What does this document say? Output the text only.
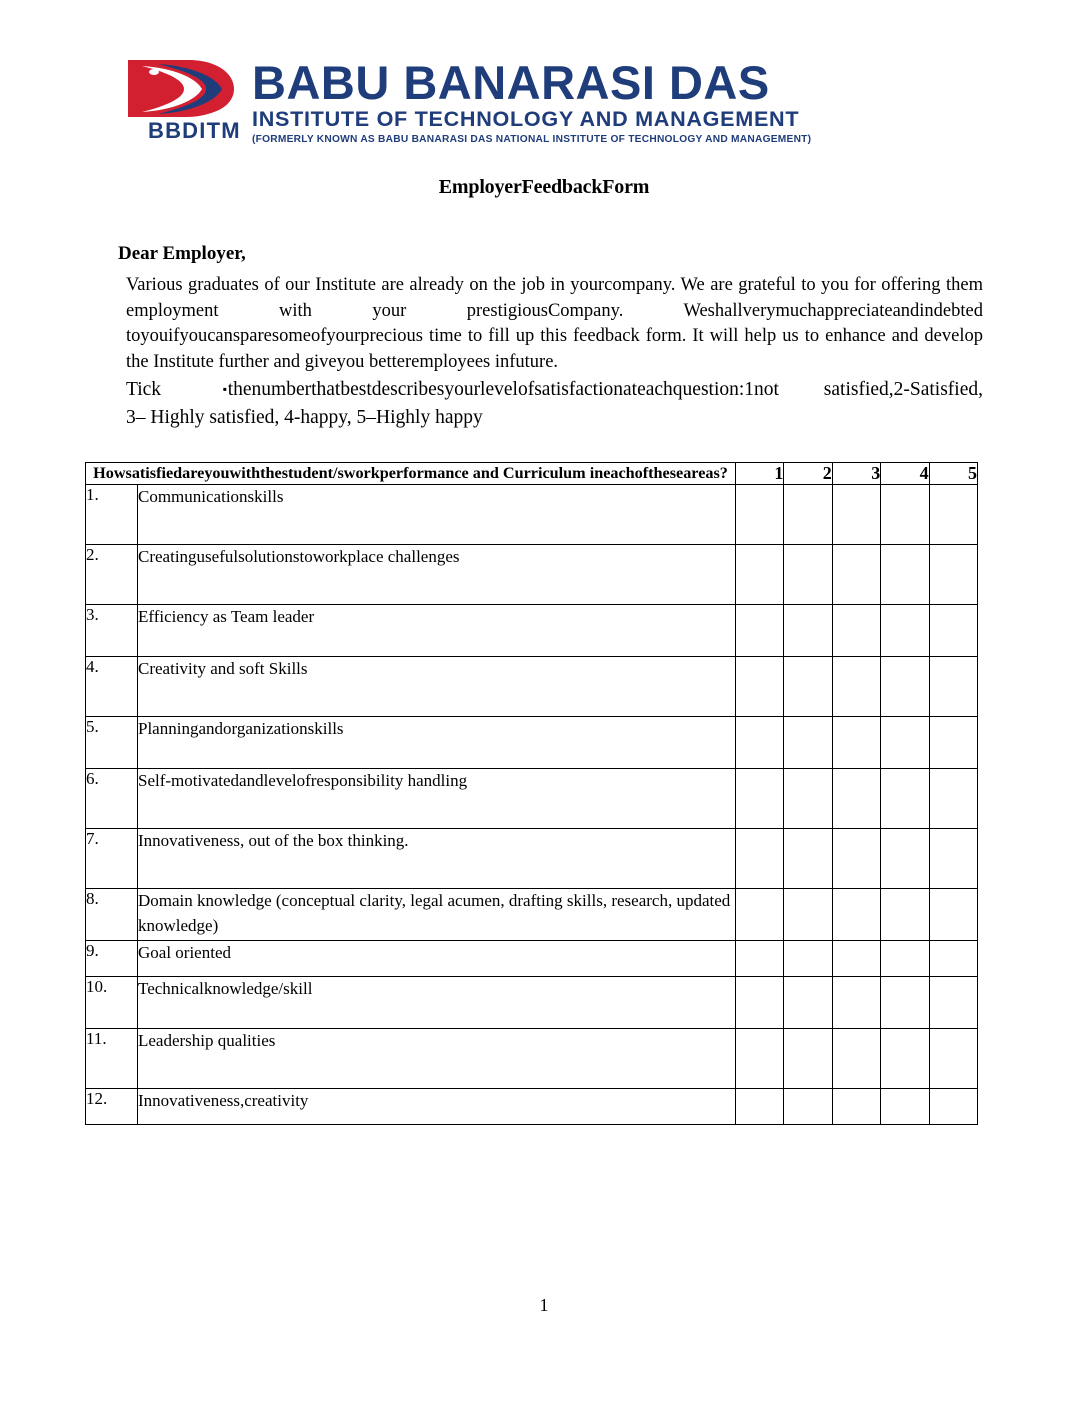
BBDITM
BABU BANARASI DAS
INSTITUTE OF TECHNOLOGY AND MANAGEMENT
(FORMERLY KNOWN AS BABU BANARASI DAS NATIONAL INSTITUTE OF TECHNOLOGY AND MANAGEMENT)
EmployerFeedbackForm
Dear Employer,
Various graduates of our Institute are already on the job in yourcompany. We are grateful to you for offering them employment with your prestigiousCompany. Weshallverymuchappreciateandindebted toyouifyoucansparesomeofyourprecious time to fill up this feedback form. It will help us to enhance and develop the Institute further and giveyou betteremployees infuture.
Tick	▪thenumberthatbestdescribesyourlevelofsatisfactionateachquestion:1not satisfied,2-Satisfied, 3– Highly satisfied, 4-happy, 5–Highly happy
Howsatisfiedareyouwiththestudent/sworkperformance and Curriculum ineachoftheseareas?		1	2	3	4	5
1.	Communicationskills					
2.	Creatingusefulsolutionstoworkplace challenges					
3.	Efficiency as Team leader					
4.	Creativity and soft Skills					
5.	Planningandorganizationskills					
6.	Self-motivatedandlevelofresponsibility handling					
7.	Innovativeness, out of the box thinking.					
8.	Domain knowledge (conceptual clarity, legal acumen, drafting skills, research, updated knowledge)					
9.	Goal oriented					
10.	Technicalknowledge/skill					
11.	Leadership qualities					
12.	Innovativeness,creativity					
1
